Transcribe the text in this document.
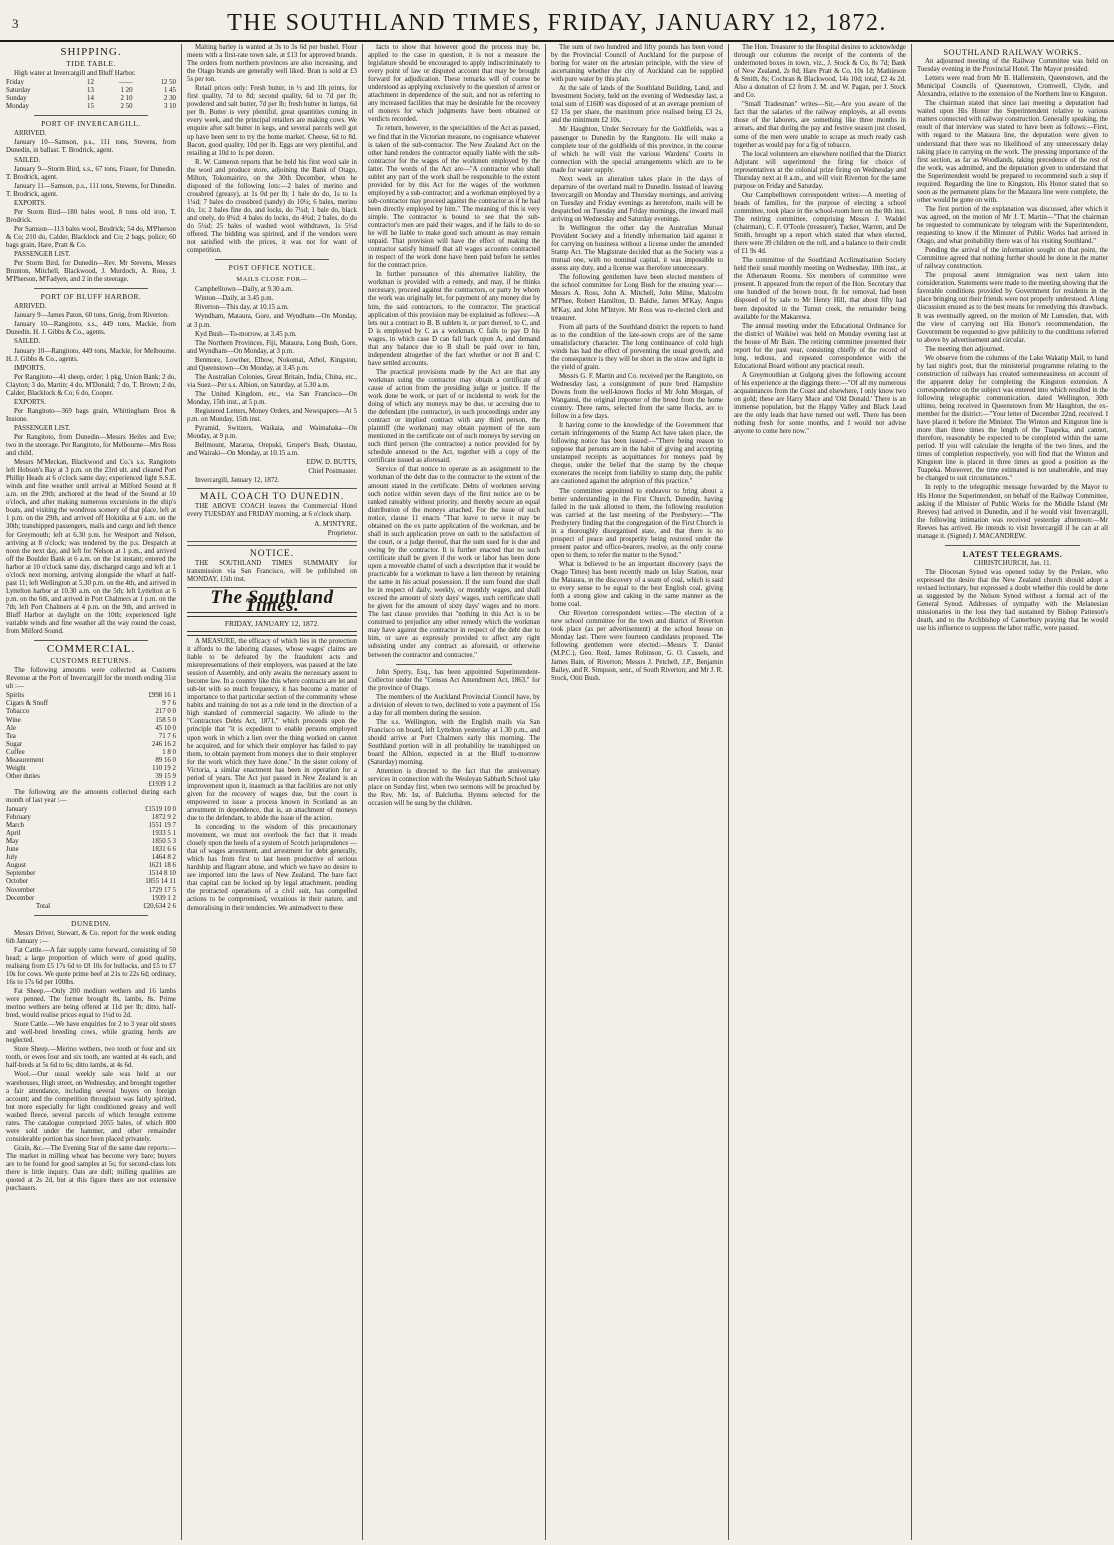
3	THE SOUTHLAND TIMES, FRIDAY, JANUARY 12, 1872.
SHIPPING.
TIDE TABLE.

High water at Invercargill and Bluff Harbor.

Friday	12	——	12 50
Saturday	13	1 20	1 45
Sunday	14	2 10	2 30
Monday	15	2 50	3 10
PORT OF INVERCARGILL.

ARRIVED.

January 10—Samson, p.s., 111 tons, Stevens, from Dunedin, in ballast. T. Brodrick, agent.

SAILED.

January 9—Storm Bird, s.s., 67 tons, Fraser, for Dunedin. T. Brodrick, agent.

January 11—Samson, p.s., 111 tons, Stevens, for Dunedin. T. Brodrick, agent.

EXPORTS.

Per Storm Bird—180 bales wool, 8 tons old iron, T. Brodrick.

Per Samson—113 bales wool, Brodrick; 54 do, M'Pherson & Co; 210 do, Calder, Blacklock and Co; 2 bags, police; 60 bags grain, Hare, Pratt & Co.

PASSENGER LIST.

Per Storm Bird, for Dunedin—Rev. Mr Stevens, Messrs Brunton, Mitchell, Blackwood, J. Murdoch, A. Ross, J. M'Pherson, M'Fadyen, and 2 in the steerage.

PORT OF BLUFF HARBOR.

ARRIVED.

January 9—James Paton, 60 tons, Greig, from Riverton.

January 10—Rangitoto, s.s., 449 tons, Mackie, from Dunedin. H. J. Gibbs & Co., agents.

SAILED.

January 10—Rangitoto, 449 tons, Mackie, for Melbourne. H. J. Gibbs & Co., agents.

IMPORTS.

Per Rangitoto—41 sheep, order; 1 pkg, Union Bank; 2 do, Clayton; 3 do, Martin; 4 do, M'Donald; 7 do, T. Brown; 2 do, Calder, Blacklock & Co; 6 do, Cooper.

EXPORTS.

Per Rangitoto—369 bags grain, Whittingham Bros & Instone.

PASSENGER LIST.

Per Rangitoto, from Dunedin—Messrs Heiles and Eve; two in the steerage. Per Rangitoto, for Melbourne—Mrs Ross and child.

Messrs M'Meckan, Blackwood and Co.'s s.s. Rangitoto left Hobson's Bay at 3 p.m. on the 23rd ult. and cleared Port Phillip Heads at 6 o'clock same day; experienced light S.S.E. winds and fine weather until arrival at Milford Sound at 8 a.m. on the 29th; anchored at the head of the Sound at 10 o'clock, and after making numerous excursions in the ship's boats, and visiting the wondrous scenery of that place, left at 1 p.m. on the 29th, and arrived off Hokitika at 6 a.m. on the 30th; transhipped passengers, mails and cargo and left thence for Greymouth; left at 6.30 p.m. for Westport and Nelson, arriving at 8 o'clock; was tendered by the p.s. Despatch at noon the next day, and left for Nelson at 1 p.m., and arrived off the Boulder Bank at 6 a.m. on the 1st instant; entered the harbor at 10 o'clock same day, discharged cargo and left at 1 o'clock next morning, arriving alongside the wharf at half-past 11; left Wellington at 5.30 p.m. on the 4th, and arrived in Lyttelton harbor at 10.30 a.m. on the 5th; left Lyttelton at 6 p.m. on the 6th, and arrived in Port Chalmers at 1 p.m. on the 7th; left Port Chalmers at 4 p.m. on the 9th, and arrived in Bluff Harbor at daylight on the 10th; experienced light variable winds and fine weather all the way round the coast, from Milford Sound.

COMMERCIAL.
CUSTOMS RETURNS.

The following amounts were collected as Customs Revenue at the Port of Invercargill for the month ending 31st ult :—

Spirits	£998 16 1
Cigars & Snuff	9 7 6
Tobacco	217 0 0
Wine	158 5 0
Ale	45 10 0
Tea	71 7 6
Sugar	246 16 2
Coffee	1 8 0
Measurement	89 16 0
Weight	110 19 2
Other duties	39 15 9
£1939 1 2

The following are the amounts collected during each month of last year :—

January	£1519 10 0
February	1872 9 2
March	1551 19 7
April	1933 5 1
May	1850 5 3
June	1831 6 6
July	1464 8 2
August	1621 18 6
September	1514 8 10
October	1855 14 11
November	1729 17 5
December	1939 1 2
Total	£20,634 2 6
DUNEDIN.

Messrs Driver, Stewart, & Co. report for the week ending 6th January :—

Fat Cattle.—A fair supply came forward, consisting of 50 head; a large proportion of which were of good quality, realising from £5 17s 6d to £8 10s for bullocks, and £5 to £7 10s for cows. We quote prime beef at 21s to 22s 6d; ordinary, 16s to 17s 6d per 100lbs.

Fat Sheep.—Only 200 medium wethers and 16 lambs were penned. The former brought 8s, lambs, 8s. Prime merino wethers are being offered at 11d per lb; ditto, half-bred, would realise prices equal to 1¼d to 2d.

Store Cattle.—We have enquiries for 2 to 3 year old steers and well-bred breeding cows, while grazing herds are neglected.

Store Sheep.—Merino wethers, two tooth or four and six tooth, or ewes four and six tooth, are wanted at 4s each, and half-breds at 5s 6d to 6s; ditto lambs, at 4s 6d.

Wool.—Our usual weekly sale was held at our warehouses, High street, on Wednesday, and brought together a fair attendance, including several buyers on foreign account; and the competition throughout was fairly spirited, but more especially for light conditioned greasy and well washed fleece, several parcels of which brought extreme rates. The catalogue comprised 2055 bales, of which 800 were sold under the hammer, and other remainder considerable portion has since been placed privately.

Grain, &c.—The Evening Star of the same date reports:—The market in milling wheat has become very bare; buyers are to be found for good samples at 5s; for second-class lots there is little inquiry. Oats are dull; milling qualities are quoted at 2s 2d, but at this figure there are not extensive purchasers.

Malting barley is wanted at 3s to 3s 6d per bushel. Flour meets with a first-rate town sale, at £13 for approved brands. The orders from northern provinces are also increasing, and the Otago brands are generally well liked. Bran is sold at £3 5s per ton.

Retail prices only: Fresh butter, in ½ and 1lb prints, for first quality, 7d to 8d; second quality, 6d to 7d per lb; powdered and salt butter, 7d per lb; fresh butter in lumps, 6d per lb. Butter is very plentiful, great quantities coming in every week, and the principal retailers are making cows. We enquire after salt butter in kegs, and several parcels well got up have been sent to try the home market. Cheese, 6d to 8d. Bacon, good quality, 10d per lb. Eggs are very plentiful, and retailing at 10d to 1s per dozen.

R. W. Cameron reports that he held his first wool sale in the wool and produce store, adjoining the Bank of Otago, Milton, Tokomairiro, on the 30th December, when he disposed of the following lots:—2 bales of merino and crossbred (greasy), at 1s 0d per lb; 1 bale do do, 1s to 1s 1¼d; 7 bales do crossbred (sandy) do 10¼; 6 bales, merino do, 1s; 2 bales fine do, and locks, do 7¼d; 1 bale do, black and onely, do 8¾d; 4 bales do locks, do 4¾d; 2 bales, do do do 5¼d; 25 bales of washed wool withdrawn, 1s 5½d offered. The bidding was spirited, and if the vendors were not satisfied with the prices, it was not for want of competition.

POST OFFICE NOTICE.
MAILS CLOSE FOR—

Campbelltown—Daily, at 9.30 a.m.

Winton—Daily, at 3.45 p.m.

Riverton—This day, at 10.15 a.m.

Wyndham, Mataura, Gore, and Wyndham—On Monday, at 3 p.m.

Kyd Bush—To-morrow, at 3.45 p.m.

The Northern Provinces, Fiji, Mataura, Long Bush, Gore, and Wyndham—On Monday, at 3 p.m.

Benmore, Lowther, Elbow, Nokomai, Athol, Kingston, and Queenstown—On Monday, at 3.45 p.m.

The Australian Colonies, Great Britain, India, China, etc., via Suez—Per s.s. Albion, on Saturday, at 5.30 a.m.

The United Kingdom, etc., via San Francisco—On Monday, 15th inst., at 5 p.m.

Registered Letters, Money Orders, and Newspapers—At 5 p.m. on Monday, 15th inst.

Pyramid, Switzers, Waikaia, and Waimahaka—On Monday, at 9 p.m.

Bellmount, Mararoa, Orepuki, Groper's Bush, Otautau, and Wairaki—On Monday, at 10.15 a.m.

EDW. D. BUTTS,

Chief Postmaster.

Invercargill, January 12, 1872.

MAIL COACH TO DUNEDIN.

THE ABOVE COACH leaves the Commercial Hotel every TUESDAY and FRIDAY morning, at 6 o'clock sharp.

A. M'INTYRE,

Proprietor.

NOTICE.

THE SOUTHLAND TIMES SUMMARY for transmission via San Francisco, will be published on MONDAY, 15th inst.

The Southland Times.
FRIDAY, JANUARY 12, 1872.

A MEASURE, the efficacy of which lies in the protection it affords to the laboring classes, whose wages' claims are liable to be defeated by the fraudulent acts and misrepresentations of their employers, was passed at the late session of Assembly, and only awaits the necessary assent to become law. In a country like this where contracts are let and sub-let with so much frequency, it has become a matter of importance to that particular section of the community whose habits and training do not as a rule tend in the direction of a high standard of commercial sagacity. We allude to the "Contractors Debts Act, 1871," which proceeds upon the principle that "it is expedient to enable persons employed upon work in which a lien over the thing worked on cannot be acquired, and for which their employer has failed to pay them, to obtain payment from moneys due to their employer for the work which they have done." In the sister colony of Victoria, a similar enactment has been in operation for a period of years. The Act just passed in New Zealand is an improvement upon it, inasmuch as that facilities are not only given for the recovery of wages due, but the court is empowered to issue a process known in Scotland as an arrestment in dependence, that is, an attachment of moneys due to the defendant, to abide the issue of the action.

In conceding to the wisdom of this precautionary movement, we must not overlook the fact that it treads closely upon the heels of a system of Scotch jurisprudence — that of wages arrestment, and arrestment for debt generally, which has from first to last been productive of serious hardship and flagrant abuse, and which we have no desire to see imported into the laws of New Zealand. The bare fact that capital can be locked up by legal attachment, pending the protracted operations of a civil suit, has compelled actions to be compromised, vexatious in their nature, and demoralising in their tendencies. We animadvert to these

facts to show that however good the process may be, applied to the case in question, it is not a measure the legislature should be encouraged to apply indiscriminately to every point of law or disputed account that may be brought forward for adjudication. These remarks will of course be understood as applying exclusively to the question of arrest or attachment in dependence of the suit, and not as referring to any increased facilities that may be desirable for the recovery of moneys for which judgments have been obtained or verdicts recorded.

To return, however, to the specialities of the Act as passed, we find that in the Victorian measure, no cognisance whatever is taken of the sub-contractor. The New Zealand Act on the other hand renders the contractor equally liable with the sub-contractor for the wages of the workmen employed by the latter. The words of the Act are—"A contractor who shall sublet any part of the work shall be responsible to the extent provided for by this Act for the wages of the workmen employed by a sub-contractor; and a workman employed by a sub-contractor may proceed against the contractor as if he had been directly employed by him." The meaning of this is very simple. The contractor is bound to see that the sub-contractor's men are paid their wages, and if he fails to do so he will be liable to make good such amount as may remain unpaid. That provision will have the effect of making the contractor satisfy himself that all wages accounts contracted in respect of the work done have been paid before he settles for the contract price.

In further pursuance of this alternative liability, the workman is provided with a remedy, and may, if he thinks necessary, proceed against the contractors, or party by whom the work was originally let, for payment of any money due by him, the said contractors, to the contractor. The practical application of this provision may be explained as follows:—A lets out a contract to B. B sublets it, or part thereof, to C, and D is employed by C as a workman. C fails to pay D his wages, in which case D can fall back upon A, and demand that any balance due to B shall be paid over to him, independent altogether of the fact whether or not B and C have settled accounts.

The practical provisions made by the Act are that any workman suing the contractor may obtain a certificate of cause of action from the presiding judge or justice. If the work done be work, or part of or incidental to work for the doing of which any moneys may be due, or accruing due to the defendant (the contractor), in such proceedings under any contract or implied contract with any third person, the plaintiff (the workman) may obtain payment of the sum mentioned in the certificate out of such moneys by serving on such third person (the contractee) a notice provided for by schedule annexed to the Act, together with a copy of the certificate issued as aforesaid.

Service of that notice to operate as an assignment to the workman of the debt due to the contractor to the extent of the amount stated in the certificate. Debts of workmen serving such notice within seven days of the first notice are to be ranked rateably without priority, and thereby secure an equal distribution of the moneys attached. For the issue of such notice, clause 11 enacts "That leave to serve it may be obtained on the ex parte application of the workman, and be shall in such application prove on oath to the satisfaction of the court, or a judge thereof, that the sum sued for is due and owing by the contractor. It is further enacted that no such certificate shall be given if the work or labor has been done upon a moveable chattel of such a description that it would be practicable for a workman to have a lien thereon by retaining the same in his actual possession. If the sum found due shall be in respect of daily, weekly, or monthly wages, and shall exceed the amount of sixty days' wages, such certificate shall be given for the amount of sixty days' wages and no more. The last clause provides that "nothing in this Act is to be construed to prejudice any other remedy which the workman may have against the contractor in respect of the debt due to him, or save as expressly provided to affect any right subsisting under any contract as aforesaid, or otherwise between the contractor and contractee."

John Sperry, Esq., has been appointed Superintendent-Collector under the "Census Act Amendment Act, 1863," for the province of Otago.

The members of the Auckland Provincial Council have, by a division of eleven to two, declined to vote a payment of 15s a day for all members during the session.

The s.s. Wellington, with the English mails via San Francisco on board, left Lyttelton yesterday at 1.30 p.m., and should arrive at Port Chalmers early this morning. The Southland portion will in all probability be transhipped on board the Albion, expected in at the Bluff to-morrow (Saturday) morning.

Attention is directed to the fact that the anniversary services in connection with the Wesleyan Sabbath School take place on Sunday first, when two sermons will be preached by the Rev. Mr. Ist, of Balclutha. Hymns selected for the occasion will be sung by the children.

The sum of two hundred and fifty pounds has been voted by the Provincial Council of Auckland for the purpose of boring for water on the artesian principle, with the view of ascertaining whether the city of Auckland can be supplied with pure water by this plan.

At the sale of lands of the Southland Building, Land, and Investment Society, held on the evening of Wednesday last, a total sum of £1600 was disposed of at an average premium of £2 15s per share, the maximum price realised being £3 2s, and the minimum £2 10s.

Mr Haughton, Under Secretary for the Goldfields, was a passenger to Dunedin by the Rangitoto. He will make a complete tour of the goldfields of this province, in the course of which he will visit the various Wardens' Courts in connection with the special arrangements which are to be made for water supply.

Next week an alteration takes place in the days of departure of the overland mail to Dunedin. Instead of leaving Invercargill on Monday and Thursday mornings, and arriving on Tuesday and Friday evenings as heretofore, mails will be despatched on Tuesday and Friday mornings, the inward mail arriving on Wednesday and Saturday evenings.

In Wellington the other day the Australian Mutual Provident Society and a friendly information laid against it for carrying on business without a license under the amended Stamp Act. The Magistrate decided that as the Society was a mutual one, with no nominal capital, it was impossible to assess any duty, and a license was therefore unnecessary.

The following gentlemen have been elected members of the school committee for Long Bush for the ensuing year:—Messrs A. Ross, John A. Mitchell, John Milne, Malcolm M'Phee, Robert Hamilton, D. Baldie, James M'Kay, Angus M'Kay, and John M'Intyre. Mr Ross was re-elected clerk and treasurer.

From all parts of the Southland district the reports to hand as to the condition of the late-sown crops are of the same unsatisfactory character. The long continuance of cold high winds has had the effect of preventing the usual growth, and the consequence is they will be short in the straw and light in the yield of grain.

Messrs G. F. Martin and Co. received per the Rangitoto, on Wednesday last, a consignment of pure bred Hampshire Downs from the well-known flocks of Mr John Morgan, of Wanganui, the original importer of the breed from the home country. Three rams, selected from the same flocks, are to follow in a few days.

It having come to the knowledge of the Government that certain infringements of the Stamp Act have taken place, the following notice has been issued:—"There being reason to suppose that persons are in the habit of giving and accepting unstamped receipts as acquittances for moneys paid by cheque, under the belief that the stamp by the cheque exonerates the receipt from liability to stamp duty, the public are cautioned against the adoption of this practice."

The committee appointed to endeavor to bring about a better understanding in the First Church, Dunedin, having failed in the task allotted to them, the following resolution was carried at the last meeting of the Presbytery:—"The Presbytery finding that the congregation of the First Church is in a thoroughly disorganised state, and that there is no prospect of peace and prosperity being restored under the present pastor and office-bearers, resolve, as the only course open to them, to refer the matter to the Synod."

What is believed to be an important discovery (says the Otago Times) has been recently made on Islay Station, near the Mataura, in the discovery of a seam of coal, which is said to every sense to be equal to the best English coal, giving forth a strong glow and caking in the same manner as the home coal.

Our Riverton correspondent writes:—The election of a new school committee for the town and district of Riverton took place (as per advertisement) at the school house on Monday last. There were fourteen candidates proposed. The following gentlemen were elected:—Messrs T. Daniel (M.P.C.), Geo. Reid, James Robinson, G. O. Cassels, and James Bain, of Riverton; Messrs J. Petchell, J.P., Benjamin Bailey, and R. Simpson, senr., of South Riverton; and Mr J. R. Stock, Otiti Bush.

The Hon. Treasurer to the Hospital desires to acknowledge through our columns the receipt of the contents of the undermoted boxes in town, viz., J. Stock & Co, 8s 7d; Bank of New Zealand, 2s 8d; Hare Pratt & Co, 10s 1d; Mathieson & Smith, 8s; Cochran & Blackwood, 14s 10d; total, £2 4s 2d. Also a donation of £2 from J. M. and W. Pagan, per J. Stock and Co.

"Small Tradesman" writes—Sir,—Are you aware of the fact that the salaries of the railway employés, at all events those of the laborers, are something like three months in arrears, and that during the pay and festive season just closed, some of the men were unable to scrape as much ready cash together as would pay for a fig of tobacco.

The local volunteers are elsewhere notified that the District Adjutant will superintend the firing for choice of representatives at the colonial prize firing on Wednesday and Thursday next at 8 a.m., and will visit Riverton for the same purpose on Friday and Saturday.

Our Campbelltown correspondent writes:—A meeting of heads of families, for the purpose of electing a school committee, took place in the school-room here on the 8th inst. The retiring committee, comprising Messrs J. Waddel (chairman), C. F. O'Toole (treasurer), Tucker, Warren, and De Smith, brought up a report which stated that when elected, there were 39 children on the roll, and a balance to their credit of £1 9s 4d.

The committee of the Southland Acclimatisation Society held their usual monthly meeting on Wednesday, 10th inst., at the Athenæum Rooms. Six members of committee were present. It appeared from the report of the Hon. Secretary that one hundred of the brown trout, fit for removal, had been disposed of by sale to Mr Henry Hill, that about fifty had been deposited in the Tumut creek, the remainder being available for the Makarewa.

The annual meeting under the Educational Ordinance for the district of Waikiwi was held on Monday evening last at the house of Mr Bain. The retiring committee presented their report for the past year, consisting chiefly of the record of long, tedious, and repeated correspondence with the Educational Board without any practical result.

A Greymouthian at Gulgong gives the following account of his experience at the diggings there:—"Of all my numerous acquaintances from the Coast and elsewhere, I only know two on gold; these are Harry Mace and 'Old Donald.' There is an immense population, but the Happy Valley and Black Lead are the only leads that have turned out well. There has been nothing fresh for some months, and I would not advise anyone to come here now."

SOUTHLAND RAILWAY WORKS.

An adjourned meeting of the Railway Committee was held on Tuesday evening in the Provincial Hotel. The Mayor presided.

Letters were read from Mr B. Hallenstein, Queenstown, and the Municipal Councils of Queenstown, Cromwell, Clyde, and Alexandra, relative to the extension of the Northern line to Kingston.

The chairman stated that since last meeting a deputation had waited upon His Honor the Superintendent relative to various matters connected with railway construction. Generally speaking, the result of that interview was stated to have been as follows:—First, with regard to the Mataura line, the deputation were given to understand that there was no likelihood of any unnecessary delay taking place in carrying on the work. The pressing importance of the first section, as far as Woodlands, taking precedence of the rest of the work, was admitted, and the deputation given to understand that the Superintendent would be prepared to recommend such a step if required. Regarding the line to Kingston, His Honor stated that so soon as the permanent plans for the Mataura line were complete, the other would be gone on with.

The first portion of the explanation was discussed, after which it was agreed, on the motion of Mr J. T. Martin—"That the chairman be requested to communicate by telegram with the Superintendent, requesting to know if the Minister of Public Works had arrived in Otago, and what probability there was of his visiting Southland."

Pending the arrival of the information sought on that point, the Committee agreed that nothing further should be done in the matter of railway construction.

The proposal anent immigration was next taken into consideration. Statements were made to the meeting showing that the favorable conditions provided by Government for residents in the place bringing out their friends were not properly understood. A long discussion ensued as to the best means for remedying this drawback. It was eventually agreed, on the motion of Mr Lumsden, that, with the view of carrying out His Honor's recommendation, the Government be requested to give publicity to the conditions referred to above by advertisement and circular.

The meeting then adjourned.

We observe from the columns of the Lake Wakatip Mail, to hand by last night's post, that the ministerial programme relating to the construction of railways has created someuneasiness on account of the apparent delay for completing the Kingston extension. A correspondence on the subject was entered into which resulted in the following telegraphic communication, dated Wellington, 30th ultimo, being received in Queenstown from Mr Haughton, the ex-member for the district:—"Your letter of December 22nd, received. I have placed it before the Minister. The Winton and Kingston line is more than three times the length of the Tuapeka, and cannot, therefore, reasonably be expected to be completed within the same period. If you will calculate the lengths of the two lines, and the times of completion respectively, you will find that the Winton and Kingston line is placed in three times as good a position as the Tuapeka. Moreover, the time estimated is not unalterable, and may be changed to suit circumstances."

In reply to the telegraphic message forwarded by the Mayor to His Honor the Superintendent, on behalf of the Railway Committee, asking if the Minister of Public Works for the Middle Island (Mr Reeves) had arrived in Dunedin, and if he would visit Invercargill, the following intimation was received yesterday afternoon:—Mr Reeves has arrived. He intends to visit Invercargill if he can at all manage it. (Signed) J. MACANDREW.

LATEST TELEGRAMS.

CHRISTCHURCH, Jan. 11.

The Diocesan Synod was opened today by the Prelate, who expressed the desire that the New Zealand church should adopt a revised lectionary, but expressed a doubt whether this could be done as suggested by the Nelson Synod without a formal act of the General Synod. Addresses of sympathy with the Melanesian missionaries in the loss they had sustained by Bishop Patteson's death, and to the Archbishop of Canterbury praying that he would use his influence to suppress the labor traffic, were passed.
